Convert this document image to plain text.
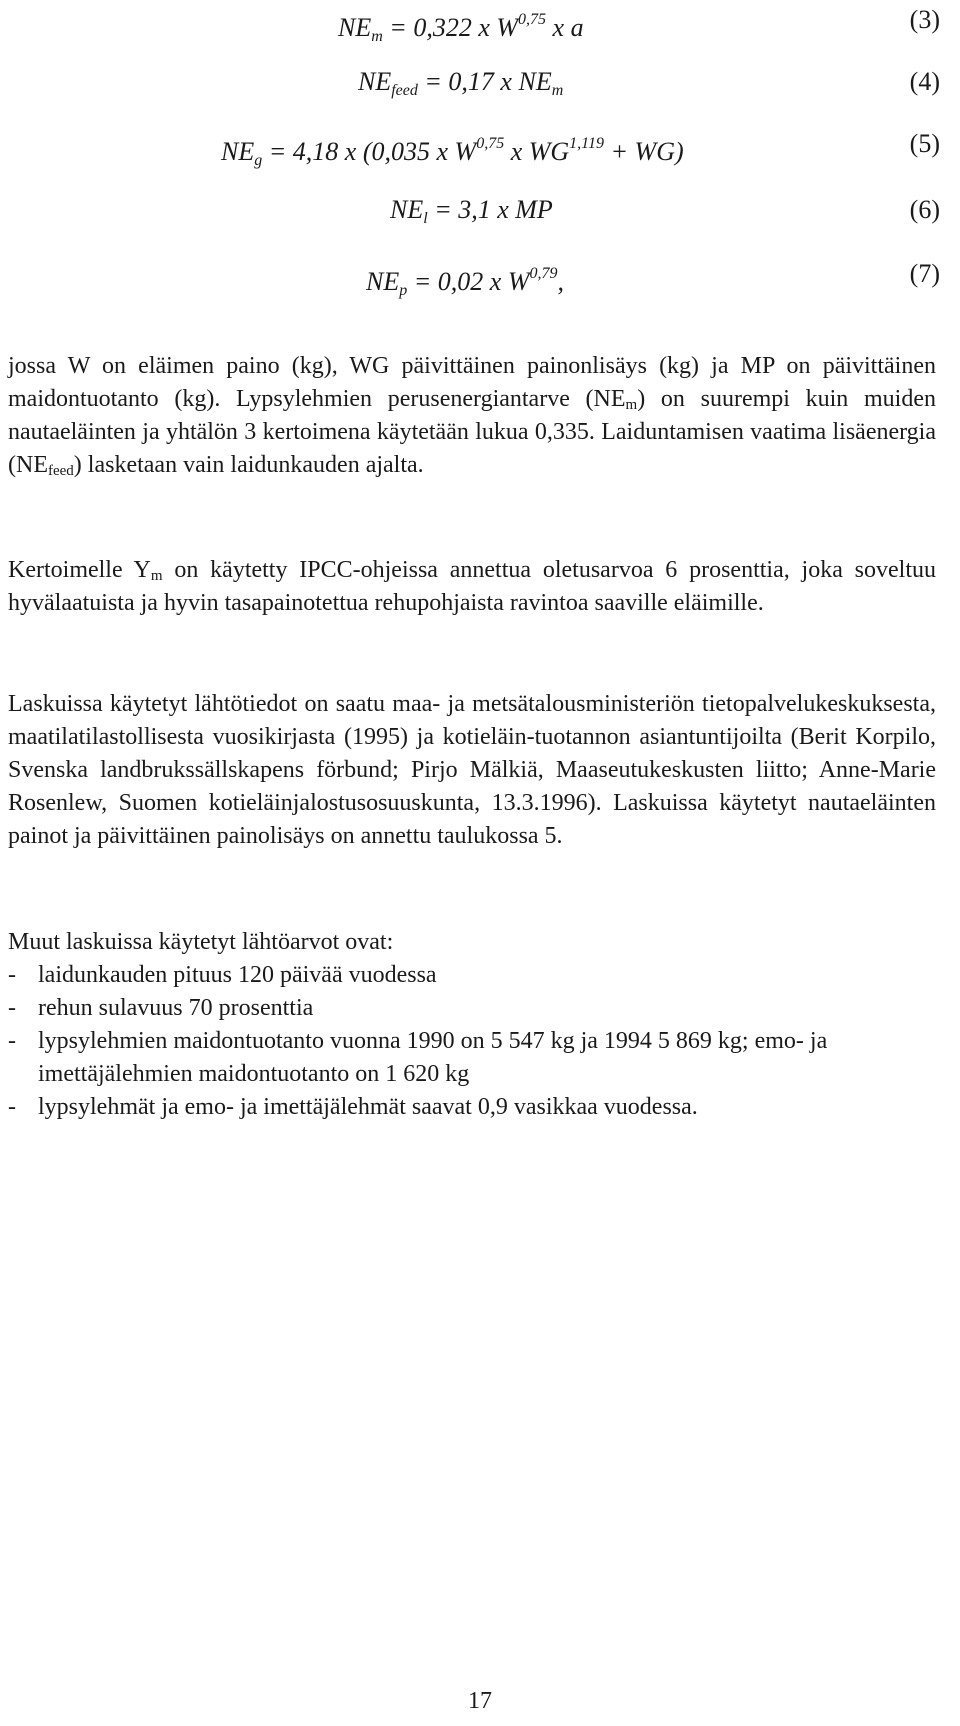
$NE_m = 0,322$ x W$^{0,75}$ x a	(3)
$NE_{feed} = 0,17$ x $NE_m$	(4)
$NE_g = 4,18$ x (0,035 x W$^{0,75}$ x WG$^{1,119}$ + WG)	(5)
$NE_l = 3,1$ x MP	(6)
$NE_p = 0,02$ x W$^{0,79}$,	(7)

jossa W on eläimen paino (kg), WG päivittäinen painonlisäys (kg) ja MP on päivittäinen maidontuotanto (kg). Lypsylehmien perusenergiantarve $(NE_m)$ on suurempi kuin muiden nautaeläinten ja yhtälön 3 kertoimena käytetään lukua 0,335. Laiduntamisen vaatima lisäenergia $(NE_{feed})$ lasketaan vain laidunkauden ajalta.

Kertoimelle $Y_m$ on käytetty IPCC-ohjeissa annettua oletusarvoa 6 prosenttia, joka soveltuu hyvälaatuista ja hyvin tasapainotettua rehupohjaista ravintoa saaville eläimille.

Laskuissa käytetyt lähtötiedot on saatu maa- ja metsätalousministeriön tietopalvelukeskuksesta, maatilatilastollisesta vuosikirjasta (1995) ja kotieläin-tuotannon asiantuntijoilta (Berit Korpilo, Svenska landbrukssällskapens förbund; Pirjo Mälkiä, Maaseutukeskusten liitto; Anne-Marie Rosenlew, Suomen kotieläinjalostusosuuskunta, 13.3.1996). Laskuissa käytetyt nautaeläinten painot ja päivittäinen painolisäys on annettu taulukossa 5.

Muut laskuissa käytetyt lähtöarvot ovat:

- laidunkauden pituus 120 päivää vuodessa
- rehun sulavuus 70 prosenttia
- lypsylehmien maidontuotanto vuonna 1990 on 5 547 kg ja 1994 5 869 kg; emo- ja imettäjälehmien maidontuotanto on 1 620 kg
- lypsylehmät ja emo- ja imettäjälehmät saavat 0,9 vasikkaa vuodessa.
17
